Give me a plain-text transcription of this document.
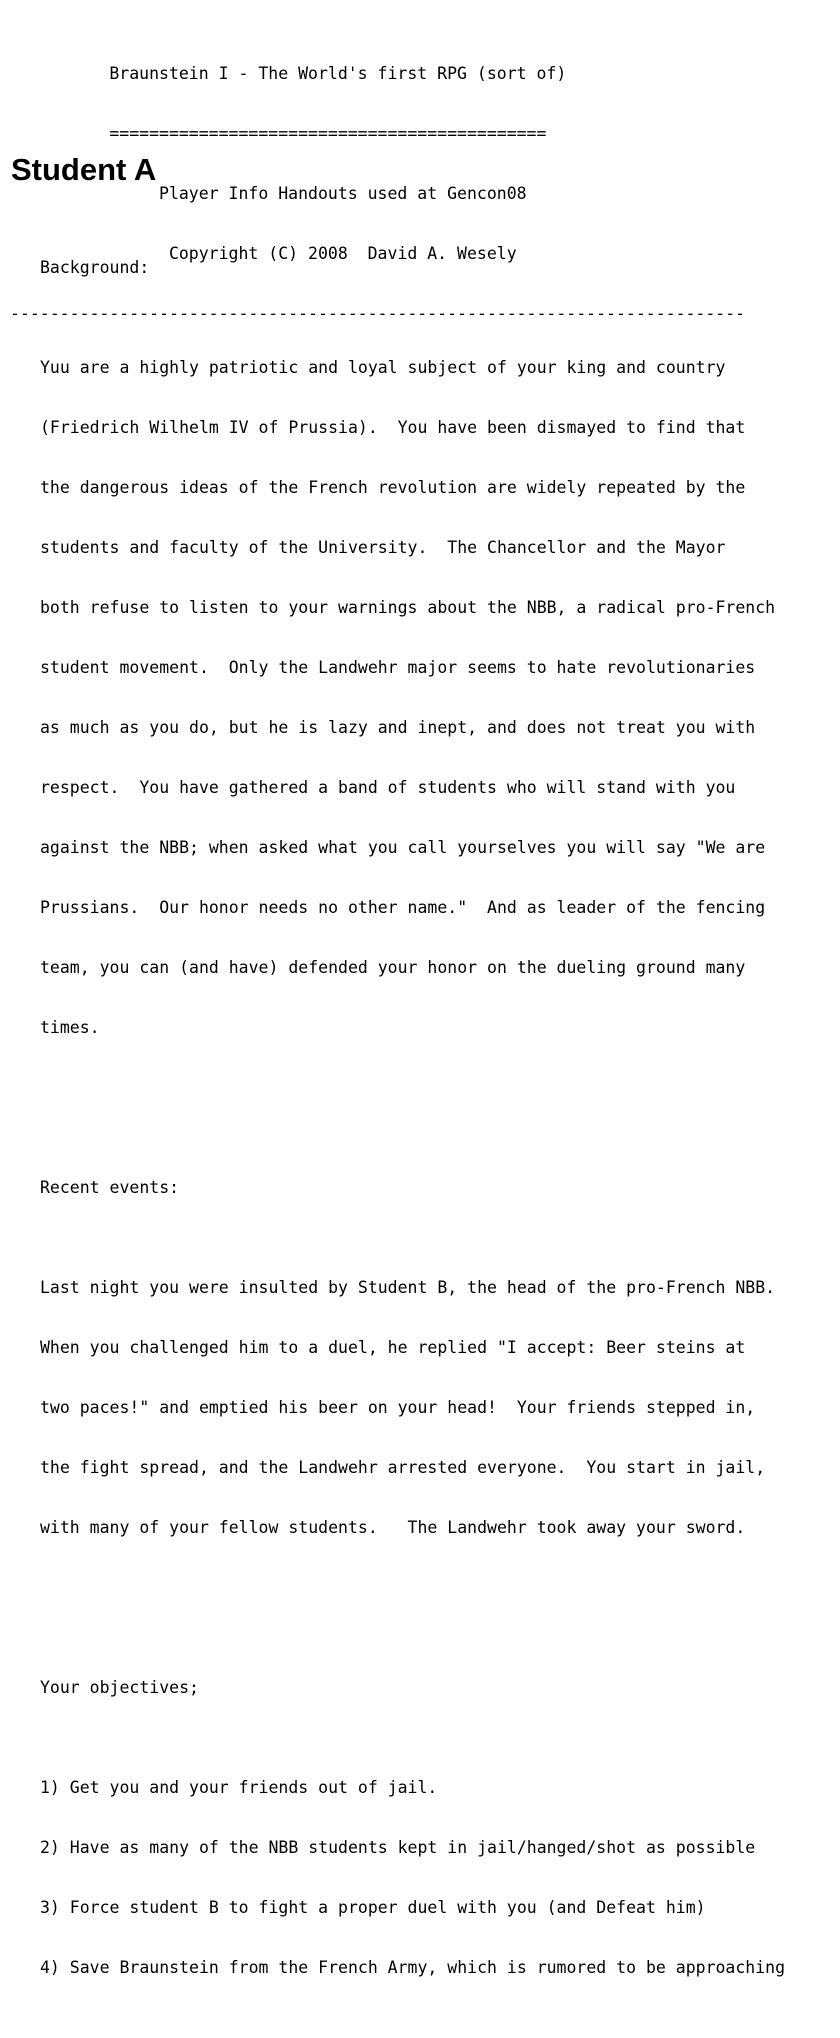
Braunstein I - The World's first RPG (sort of)

============================================

Player Info Handouts used at Gencon08

Copyright (C) 2008  David A. Wesely

--------------------------------------------------------------------------

Student A

Background:

Yuu are a highly patriotic and loyal subject of your king and country

(Friedrich Wilhelm IV of Prussia).  You have been dismayed to find that

the dangerous ideas of the French revolution are widely repeated by the

students and faculty of the University.  The Chancellor and the Mayor

both refuse to listen to your warnings about the NBB, a radical pro-French

student movement.  Only the Landwehr major seems to hate revolutionaries

as much as you do, but he is lazy and inept, and does not treat you with

respect.  You have gathered a band of students who will stand with you

against the NBB; when asked what you call yourselves you will say "We are

Prussians.  Our honor needs no other name."  And as leader of the fencing

team, you can (and have) defended your honor on the dueling ground many

times.

Recent events:

Last night you were insulted by Student B, the head of the pro-French NBB.

When you challenged him to a duel, he replied "I accept: Beer steins at

two paces!" and emptied his beer on your head!  Your friends stepped in,

the fight spread, and the Landwehr arrested everyone.  You start in jail,

with many of your fellow students.   The Landwehr took away your sword.

Your objectives;

1) Get you and your friends out of jail.

2) Have as many of the NBB students kept in jail/hanged/shot as possible

3) Force student B to fight a proper duel with you (and Defeat him)

4) Save Braunstein from the French Army, which is rumored to be approaching
